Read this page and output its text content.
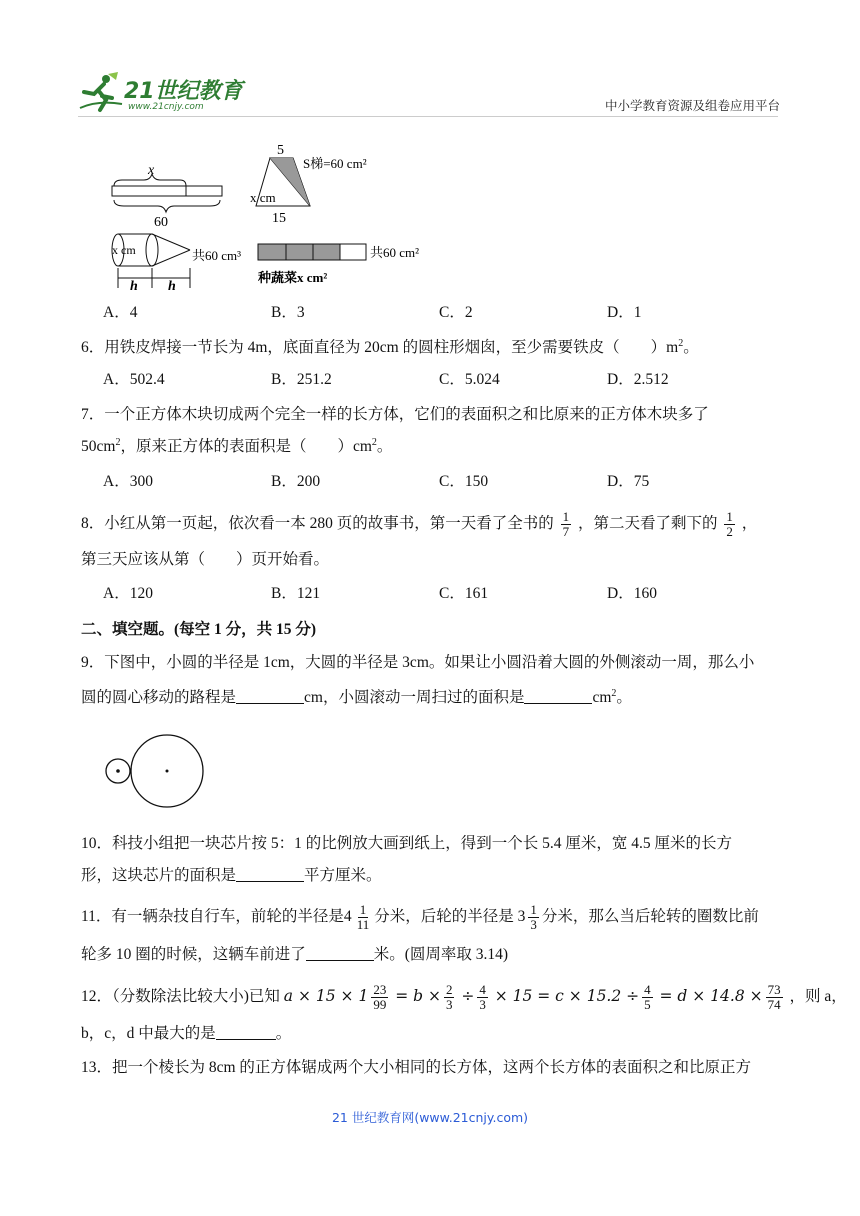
21世纪教育
www.21cnjy.com	中小学教育资源及组卷应用平台
x
60
5
S梯=60 cm²
x cm
15
x cm	共60 cm³
h h
共60 cm²
种蔬菜x cm²
A．4	B．3	C．2	D．1
6．用铁皮焊接一节长为 4m，底面直径为 20cm 的圆柱形烟囱，至少需要铁皮（　　）$m^2$。
A．502.4	B．251.2	C．5.024	D．2.512
7．一个正方体木块切成两个完全一样的长方体，它们的表面积之和比原来的正方体木块多了
$50cm^2$，原来正方体的表面积是（　　）$cm^2$。
A．300	B．200	C．150	D．75
8．小红从第一页起，依次看一本 280 页的故事书，第一天看了全书的 $\frac{1}{7}$ ，第二天看了剩下的 $\frac{1}{2}$ ，
第三天应该从第（　　）页开始看。
A．120	B．121	C．161	D．160
二、填空题。(每空 1 分，共 15 分)
9．下图中，小圆的半径是 1cm，大圆的半径是 3cm。如果让小圆沿着大圆的外侧滚动一周，那么小
圆的圆心移动的路程是	cm，小圆滚动一周扫过的面积是	$cm^2$。
10．科技小组把一块芯片按 5：1 的比例放大画到纸上，得到一个长 5.4 厘米，宽 4.5 厘米的长方
形，这块芯片的面积是	平方厘米。
11．有一辆杂技自行车，前轮的半径是$4 \frac{1}{11}$ 分米，后轮的半径是 $3 \frac{1}{3}$ 分米，那么当后轮转的圈数比前
轮多 10 圈的时候，这辆车前进了	米。(圆周率取 3.14)
12．（分数除法比较大小)已知 $a \times 15 \times 1 \frac{23}{99} = b \times \frac{2}{3} \div \frac{4}{3} \times 15 = c \times 15.2 \div \frac{4}{5} = d \times 14.8 \times \frac{73}{74}$ ，则 a，
b，c，d 中最大的是	。
13．把一个棱长为 8cm 的正方体锯成两个大小相同的长方体，这两个长方体的表面积之和比原正方
21 世纪教育网(www.21cnjy.com)
